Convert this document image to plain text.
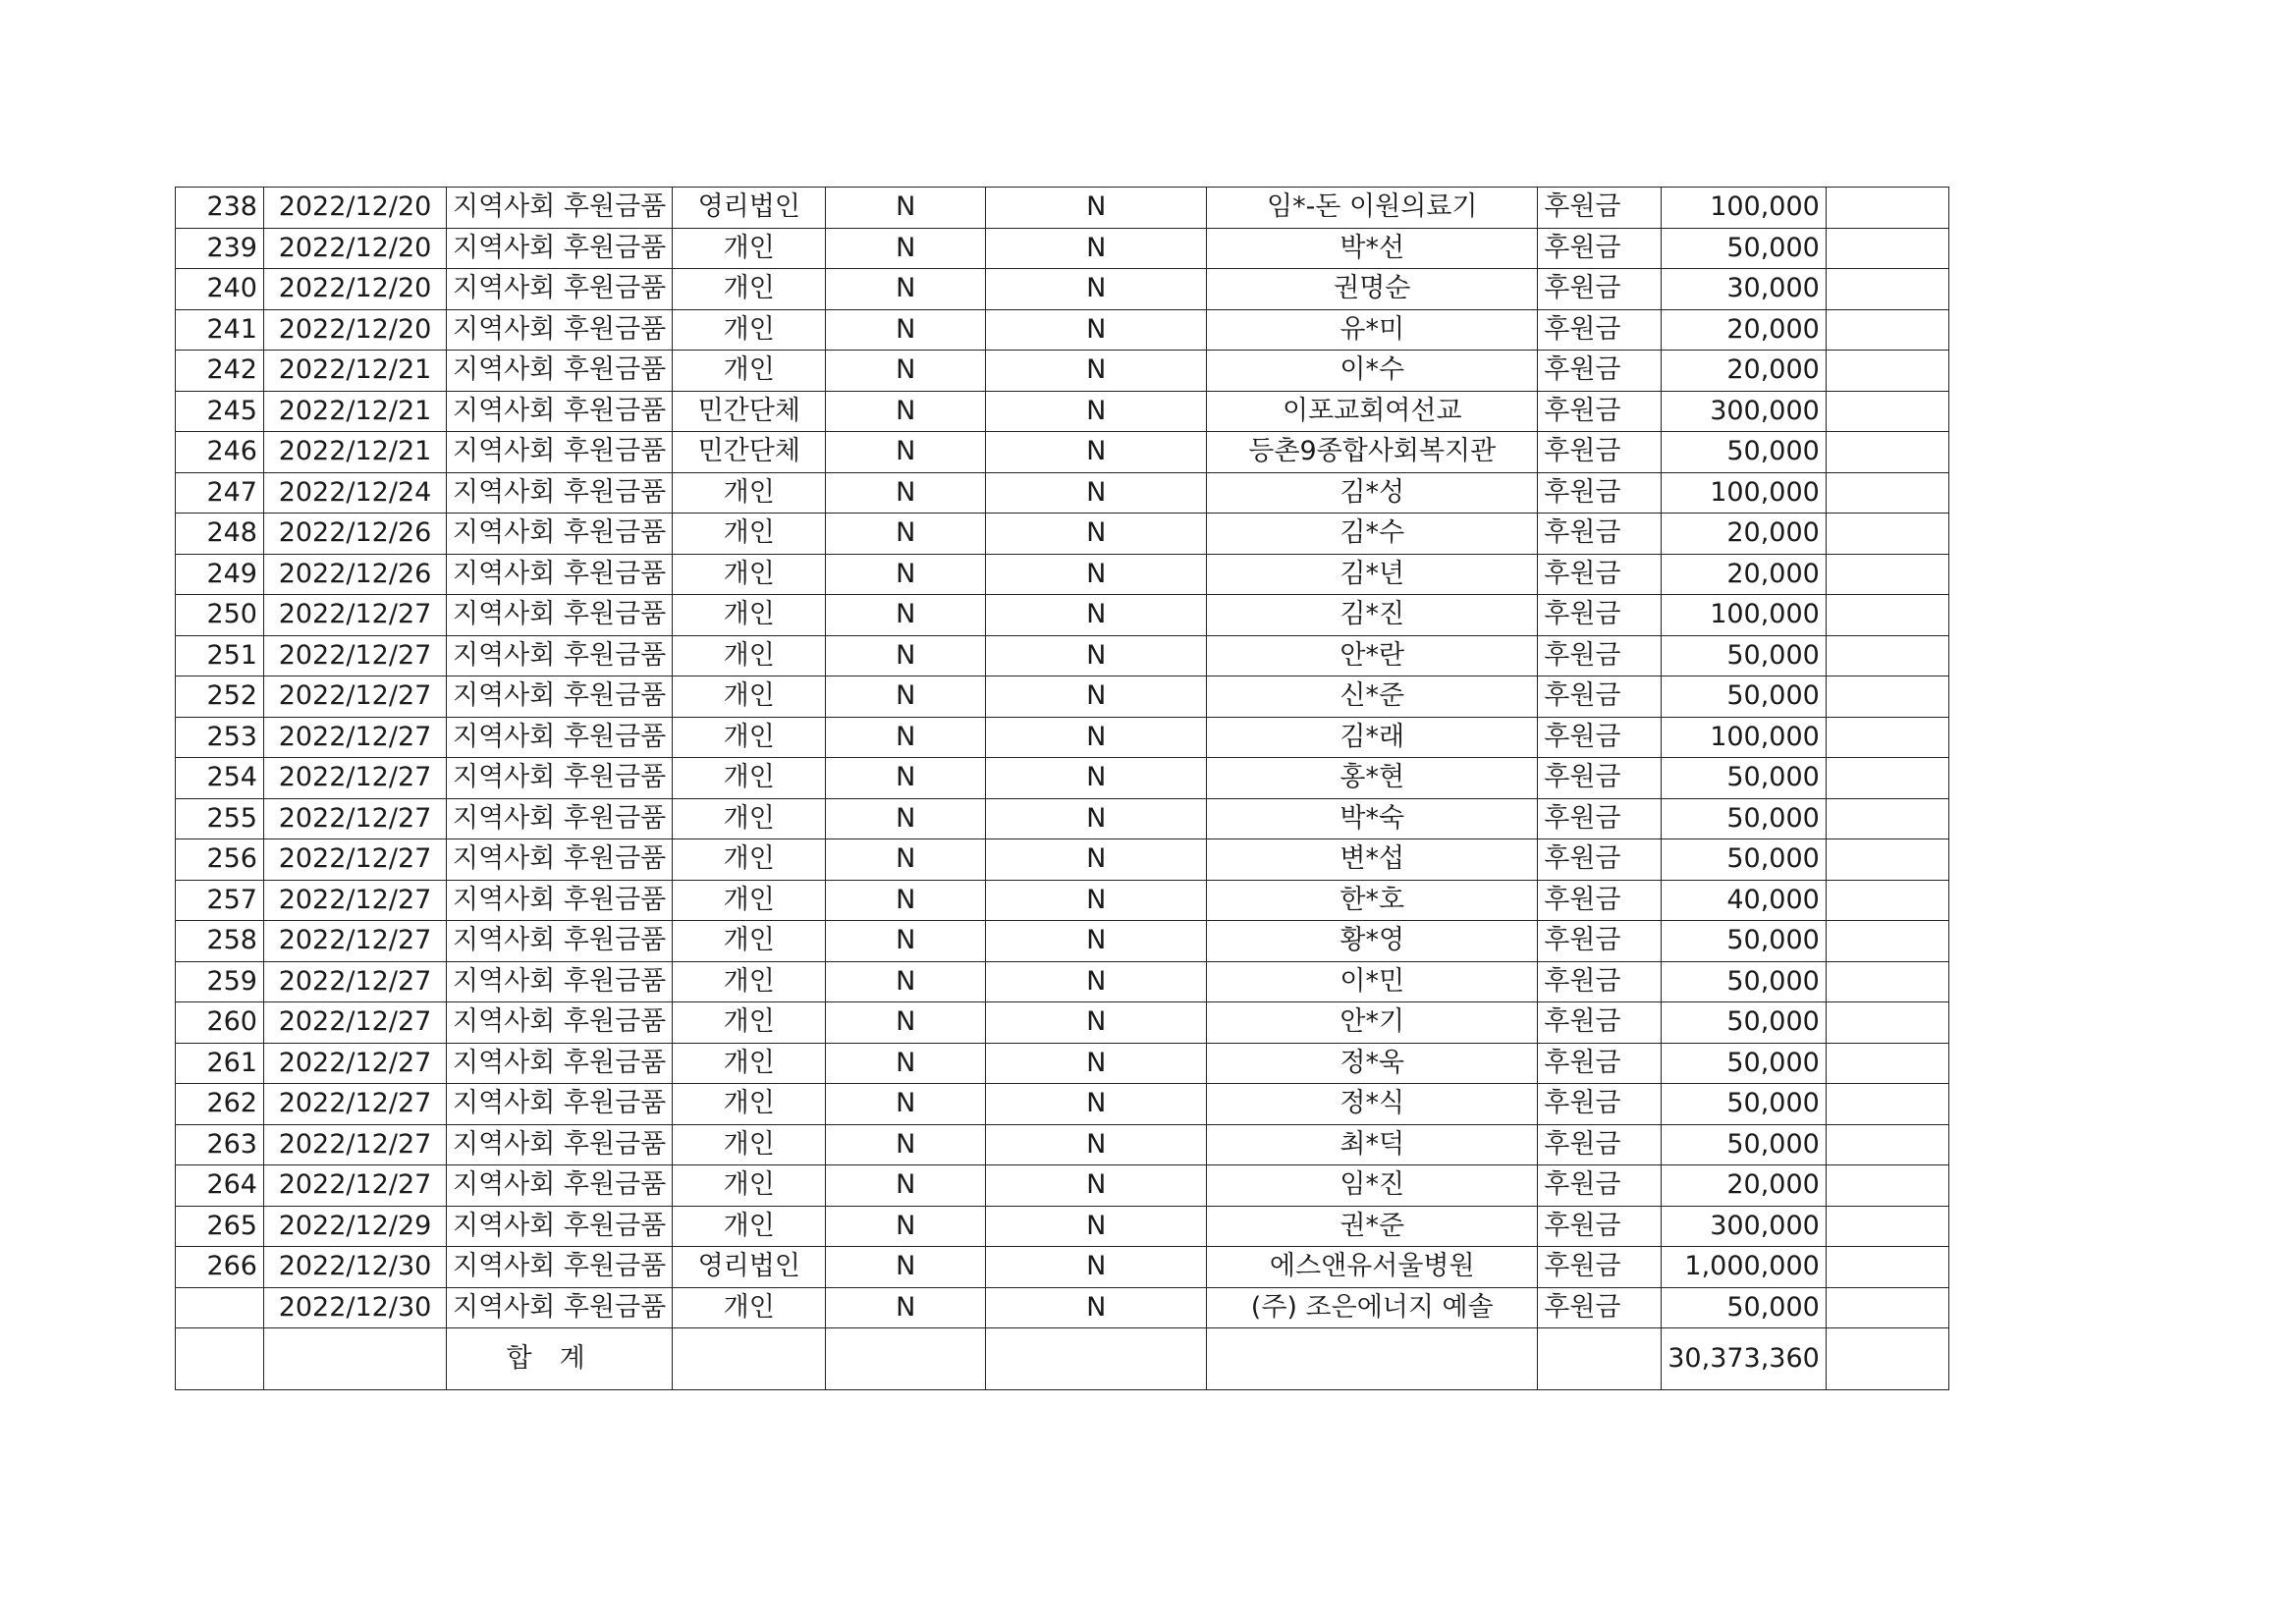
238	2022/12/20	지역사회 후원금품	영리법인	N	N	임*-돈 이원의료기	후원금	100,000	
239	2022/12/20	지역사회 후원금품	개인	N	N	박*선	후원금	50,000	
240	2022/12/20	지역사회 후원금품	개인	N	N	권명순	후원금	30,000	
241	2022/12/20	지역사회 후원금품	개인	N	N	유*미	후원금	20,000	
242	2022/12/21	지역사회 후원금품	개인	N	N	이*수	후원금	20,000	
245	2022/12/21	지역사회 후원금품	민간단체	N	N	이포교회여선교	후원금	300,000	
246	2022/12/21	지역사회 후원금품	민간단체	N	N	등촌9종합사회복지관	후원금	50,000	
247	2022/12/24	지역사회 후원금품	개인	N	N	김*성	후원금	100,000	
248	2022/12/26	지역사회 후원금품	개인	N	N	김*수	후원금	20,000	
249	2022/12/26	지역사회 후원금품	개인	N	N	김*년	후원금	20,000	
250	2022/12/27	지역사회 후원금품	개인	N	N	김*진	후원금	100,000	
251	2022/12/27	지역사회 후원금품	개인	N	N	안*란	후원금	50,000	
252	2022/12/27	지역사회 후원금품	개인	N	N	신*준	후원금	50,000	
253	2022/12/27	지역사회 후원금품	개인	N	N	김*래	후원금	100,000	
254	2022/12/27	지역사회 후원금품	개인	N	N	홍*현	후원금	50,000	
255	2022/12/27	지역사회 후원금품	개인	N	N	박*숙	후원금	50,000	
256	2022/12/27	지역사회 후원금품	개인	N	N	변*섭	후원금	50,000	
257	2022/12/27	지역사회 후원금품	개인	N	N	한*호	후원금	40,000	
258	2022/12/27	지역사회 후원금품	개인	N	N	황*영	후원금	50,000	
259	2022/12/27	지역사회 후원금품	개인	N	N	이*민	후원금	50,000	
260	2022/12/27	지역사회 후원금품	개인	N	N	안*기	후원금	50,000	
261	2022/12/27	지역사회 후원금품	개인	N	N	정*욱	후원금	50,000	
262	2022/12/27	지역사회 후원금품	개인	N	N	정*식	후원금	50,000	
263	2022/12/27	지역사회 후원금품	개인	N	N	최*덕	후원금	50,000	
264	2022/12/27	지역사회 후원금품	개인	N	N	임*진	후원금	20,000	
265	2022/12/29	지역사회 후원금품	개인	N	N	권*준	후원금	300,000	
266	2022/12/30	지역사회 후원금품	영리법인	N	N	에스앤유서울병원	후원금	1,000,000	
	2022/12/30	지역사회 후원금품	개인	N	N	(주) 조은에너지 예솔	후원금	50,000	
		합계						30,373,360	
